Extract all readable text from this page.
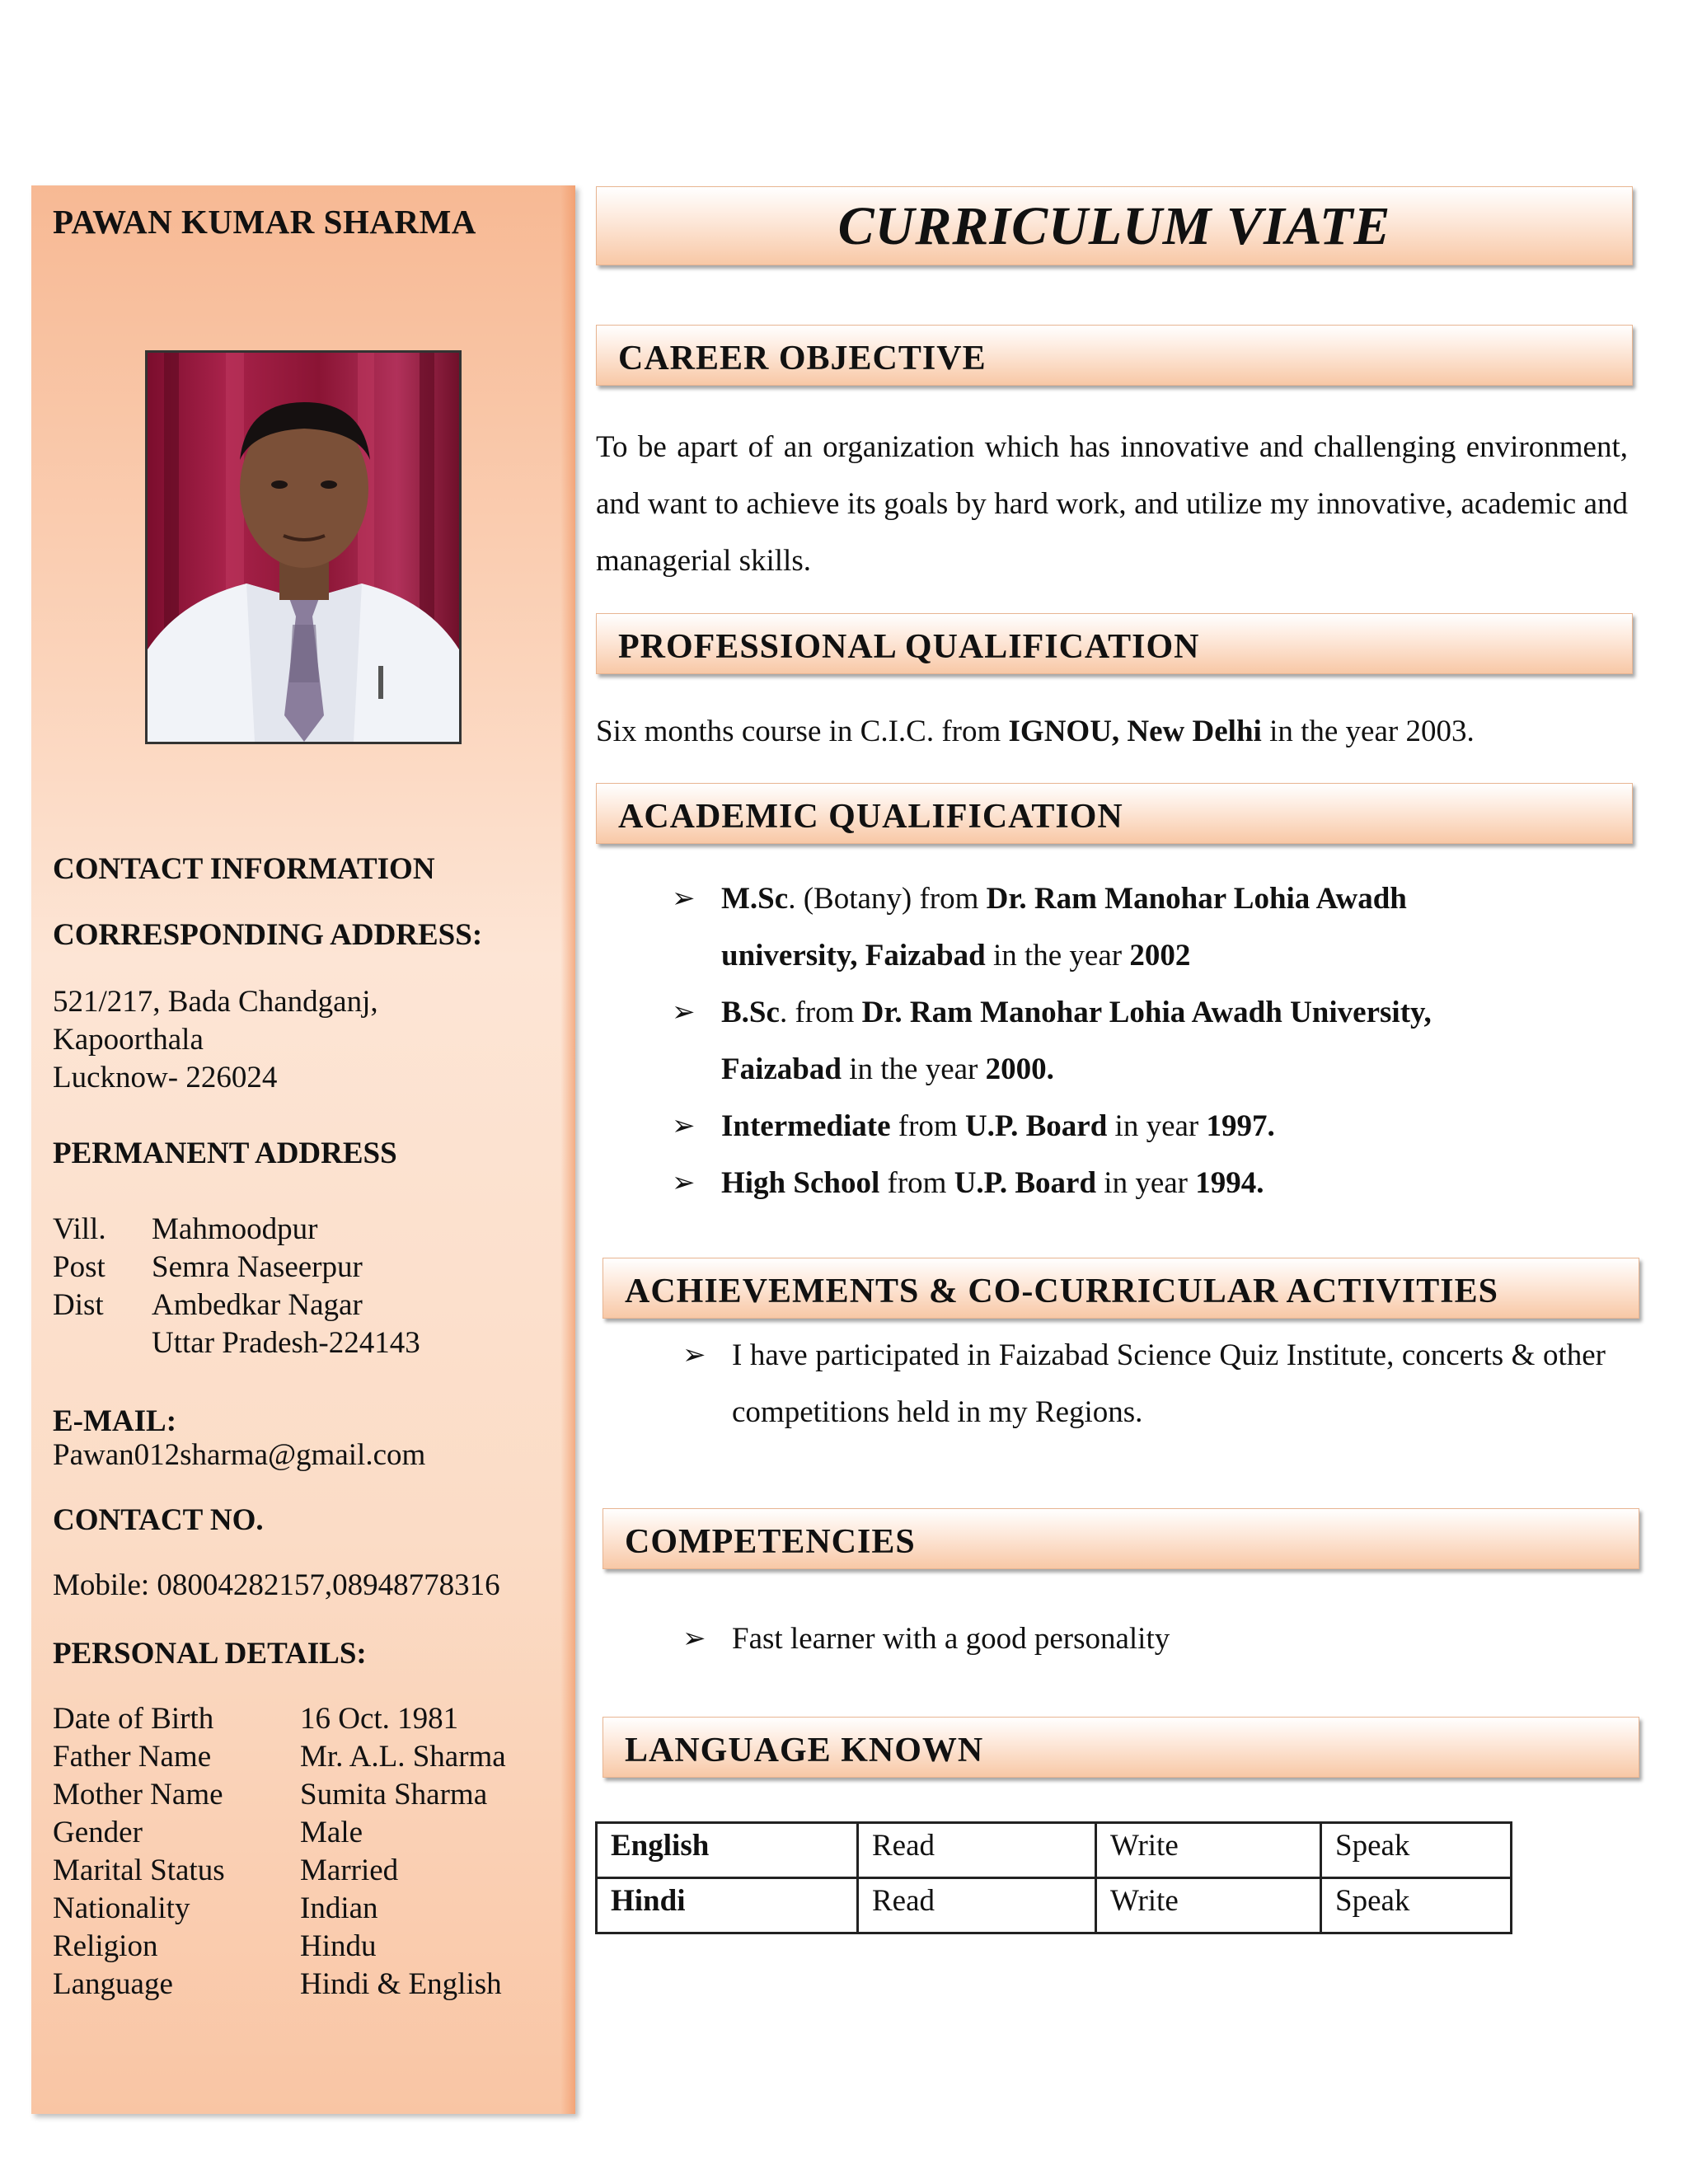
PAWAN KUMAR SHARMA
CONTACT INFORMATION
CORRESPONDING ADDRESS:
521/217, Bada Chandganj,
Kapoorthala
Lucknow- 226024
PERMANENT ADDRESS
Vill. Mahmoodpur
Post Semra Naseerpur
Dist Ambedkar Nagar
Uttar Pradesh-224143
E-MAIL:
Pawan012sharma@gmail.com
CONTACT NO.
Mobile: 08004282157,08948778316
PERSONAL DETAILS:
Date of Birth	16 Oct. 1981
Father Name	Mr. A.L. Sharma
Mother Name	Sumita Sharma
Gender	Male
Marital Status Married
Nationality	Indian
Religion	Hindu
Language	Hindi & English
CURRICULUM VIATE
CAREER OBJECTIVE
To be apart of an organization which has innovative and challenging environment, and want to achieve its goals by hard work, and utilize my innovative, academic and managerial skills.
PROFESSIONAL QUALIFICATION
Six months course in C.I.C. from IGNOU, New Delhi in the year 2003.
ACADEMIC QUALIFICATION
➢ M.Sc. (Botany) from Dr. Ram Manohar Lohia Awadh university, Faizabad in the year 2002
➢ B.Sc. from Dr. Ram Manohar Lohia Awadh University, Faizabad in the year 2000.
➢ Intermediate from U.P. Board in year 1997.
➢ High School from U.P. Board in year 1994.
ACHIEVEMENTS & CO-CURRICULAR ACTIVITIES
➢ I have participated in Faizabad Science Quiz Institute, concerts & other competitions held in my Regions.
COMPETENCIES
➢ Fast learner with a good personality
LANGUAGE KNOWN
English	Read	Write	Speak
Hindi	Read	Write	Speak
